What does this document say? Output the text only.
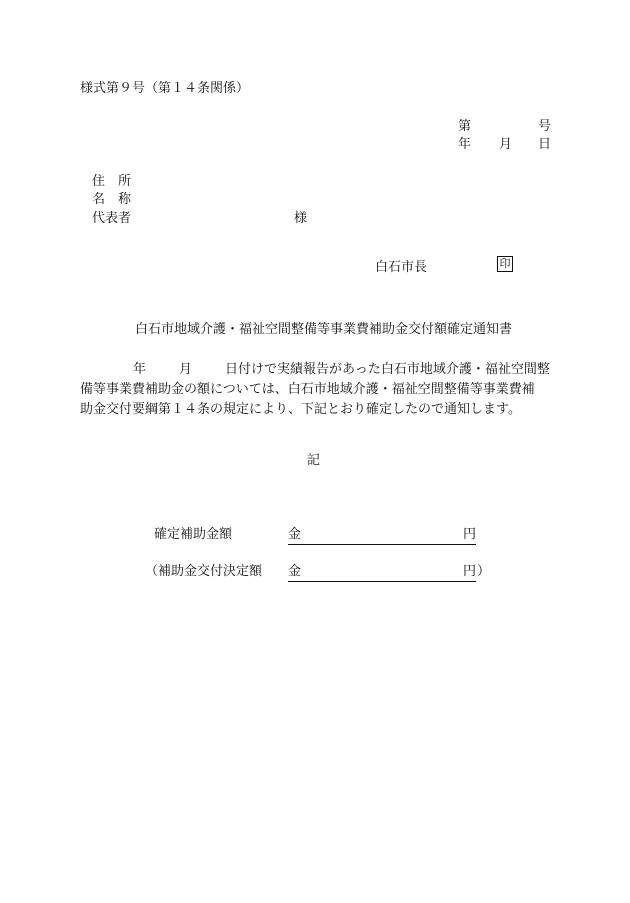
様式第９号（第１４条関係）
第	号
年 月 日
住　所
名　称
代表者	様
白石市長	印
白石市地域介護・福祉空間整備等事業費補助金交付額確定通知書
年	月	日付けで実績報告があった白石市地域介護・福祉空間整
備等事業費補助金の額については、白石市地域介護・福祉空間整備等事業費補
助金交付要綱第１４条の規定により、下記とおり確定したので通知します。
記
確定補助金額	金	円
（補助金交付決定額 金	円 ）
